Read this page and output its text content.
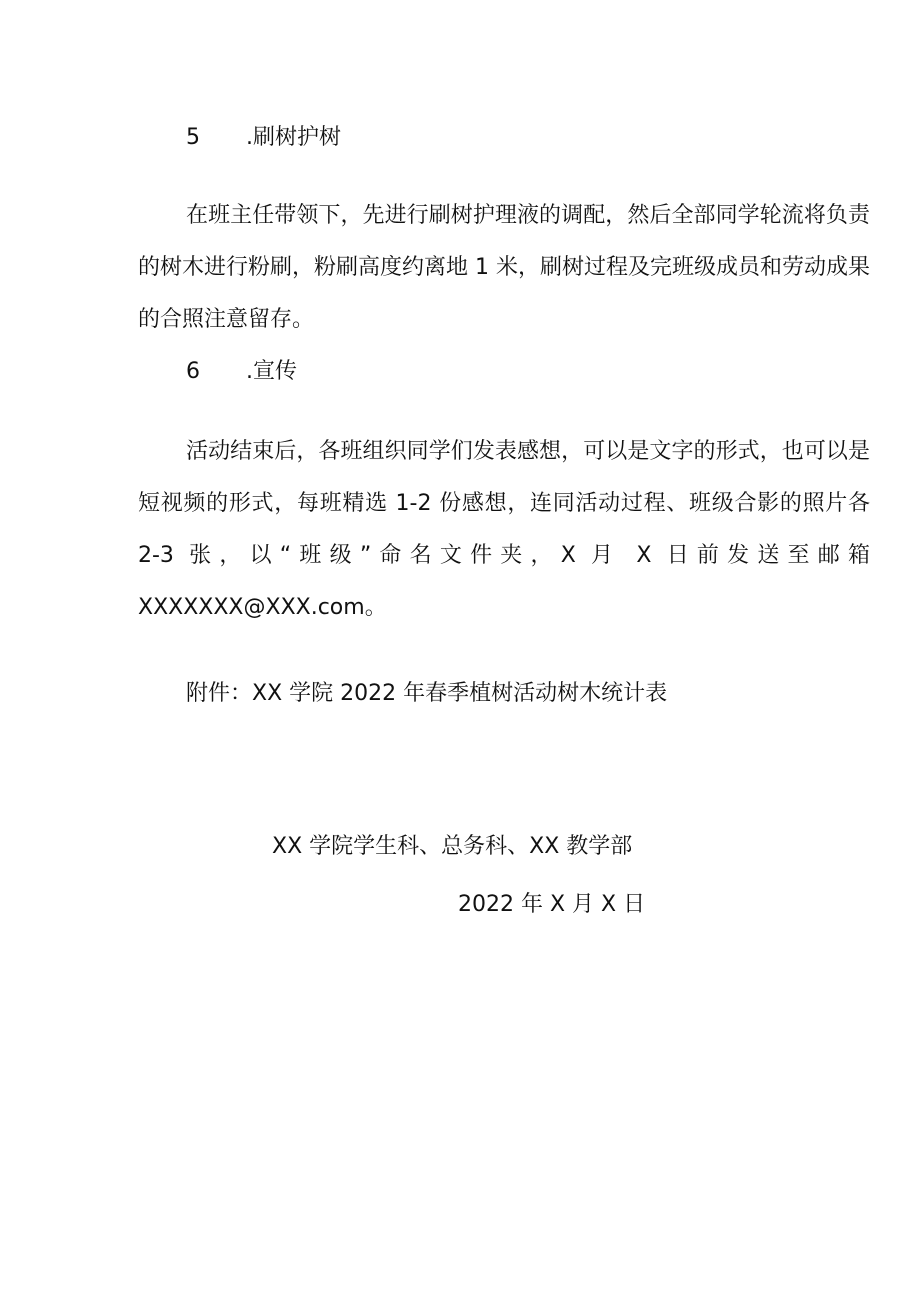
5 .刷树护树

在班主任带领下，先进行刷树护理液的调配，然后全部同学轮流将负责的树木进行粉刷，粉刷高度约离地 1 米，刷树过程及完班级成员和劳动成果的合照注意留存。

6 .宣传

活动结束后，各班组织同学们发表感想，可以是文字的形式，也可以是短视频的形式，每班精选 1-2 份感想，连同活动过程、班级合影的照片各 2-3 张，以“班级”命名文件夹，X 月 X 日前发送至邮箱 XXXXXXX@XXX.com。

附件：XX 学院 2022 年春季植树活动树木统计表
XX 学院学生科、总务科、XX 教学部
2022 年 X 月 X 日
